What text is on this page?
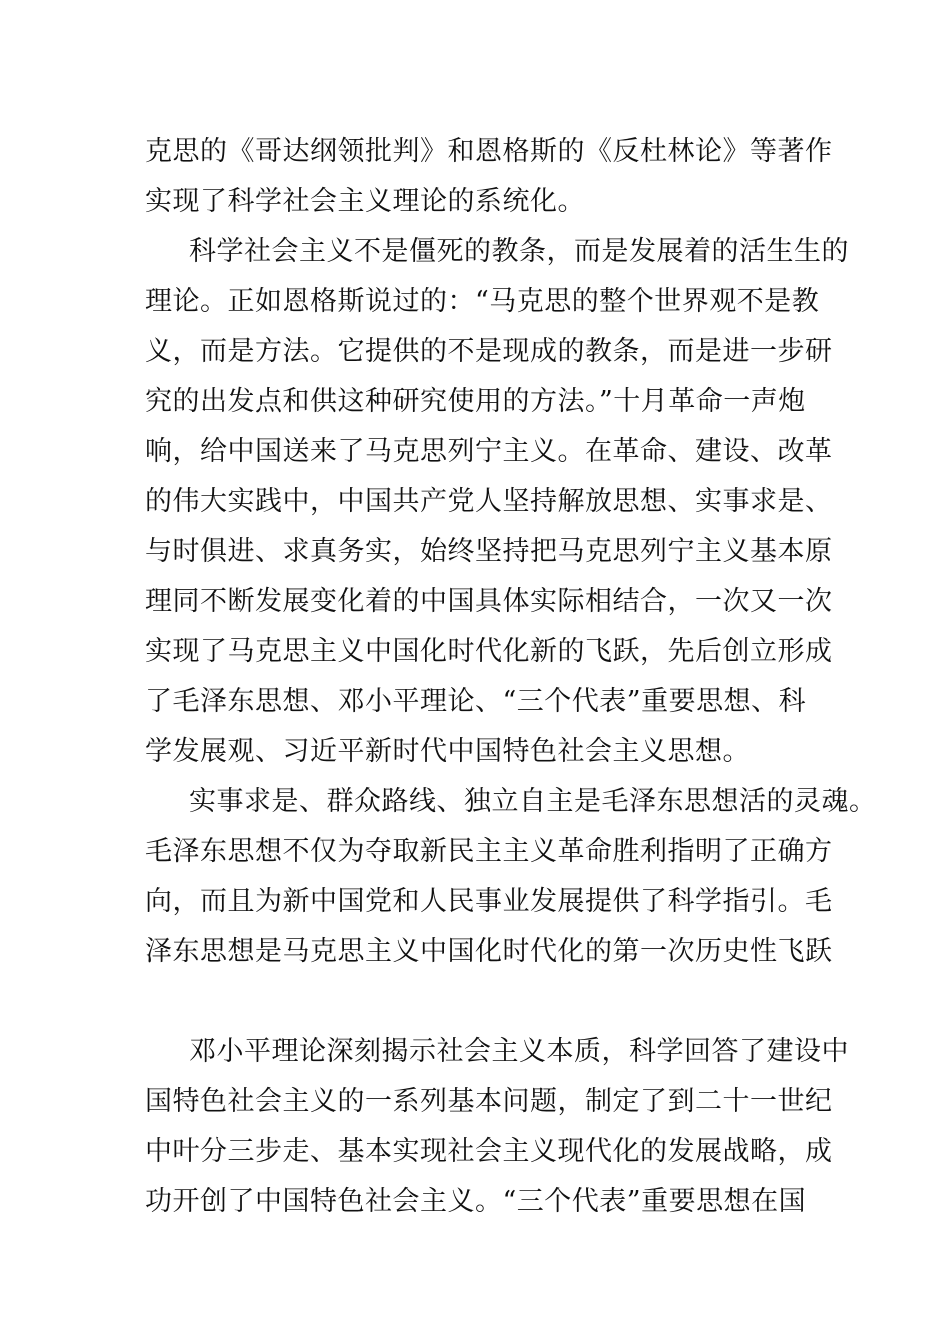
克思的《哥达纲领批判》和恩格斯的《反杜林论》等著作
实现了科学社会主义理论的系统化。
科学社会主义不是僵死的教条，而是发展着的活生生的
理论。正如恩格斯说过的：“马克思的整个世界观不是教
义，而是方法。它提供的不是现成的教条，而是进一步研
究的出发点和供这种研究使用的方法。”十月革命一声炮
响，给中国送来了马克思列宁主义。在革命、建设、改革
的伟大实践中，中国共产党人坚持解放思想、实事求是、
与时俱进、求真务实，始终坚持把马克思列宁主义基本原
理同不断发展变化着的中国具体实际相结合，一次又一次
实现了马克思主义中国化时代化新的飞跃，先后创立形成
了毛泽东思想、邓小平理论、“三个代表”重要思想、科
学发展观、习近平新时代中国特色社会主义思想。
实事求是、群众路线、独立自主是毛泽东思想活的灵魂。
毛泽东思想不仅为夺取新民主主义革命胜利指明了正确方
向，而且为新中国党和人民事业发展提供了科学指引。毛
泽东思想是马克思主义中国化时代化的第一次历史性飞跃
邓小平理论深刻揭示社会主义本质，科学回答了建设中
国特色社会主义的一系列基本问题，制定了到二十一世纪
中叶分三步走、基本实现社会主义现代化的发展战略，成
功开创了中国特色社会主义。“三个代表”重要思想在国
